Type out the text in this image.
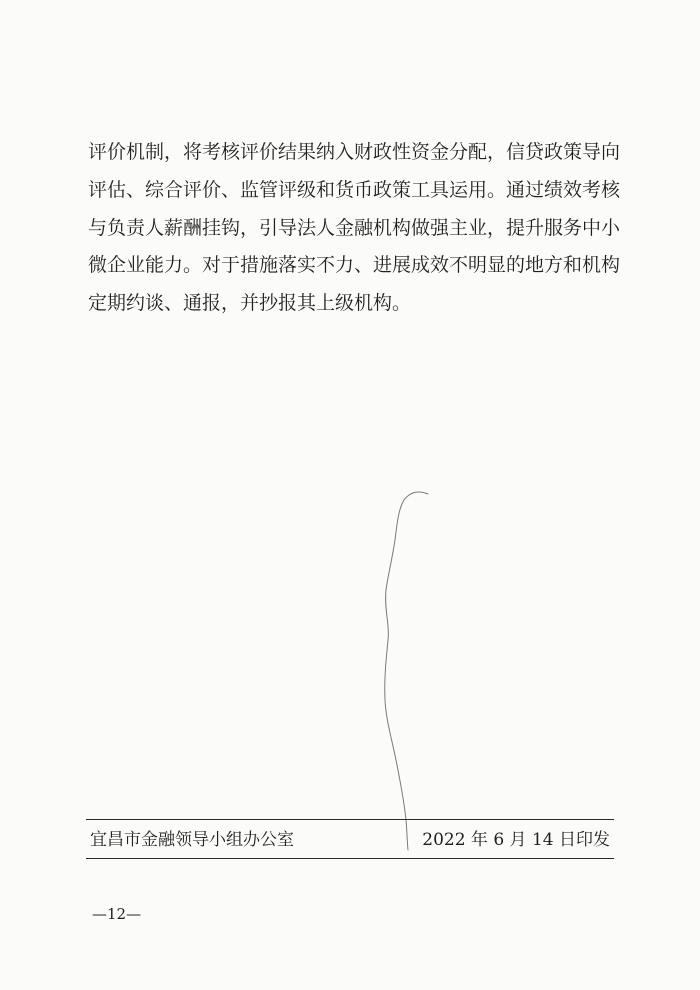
评价机制，将考核评价结果纳入财政性资金分配，信贷政策导向
评估、综合评价、监管评级和货币政策工具运用。通过绩效考核
与负责人薪酬挂钩，引导法人金融机构做强主业，提升服务中小
微企业能力。对于措施落实不力、进展成效不明显的地方和机构
定期约谈、通报，并抄报其上级机构。
宜昌市金融领导小组办公室	2022 年 6 月 14 日印发
—12—
